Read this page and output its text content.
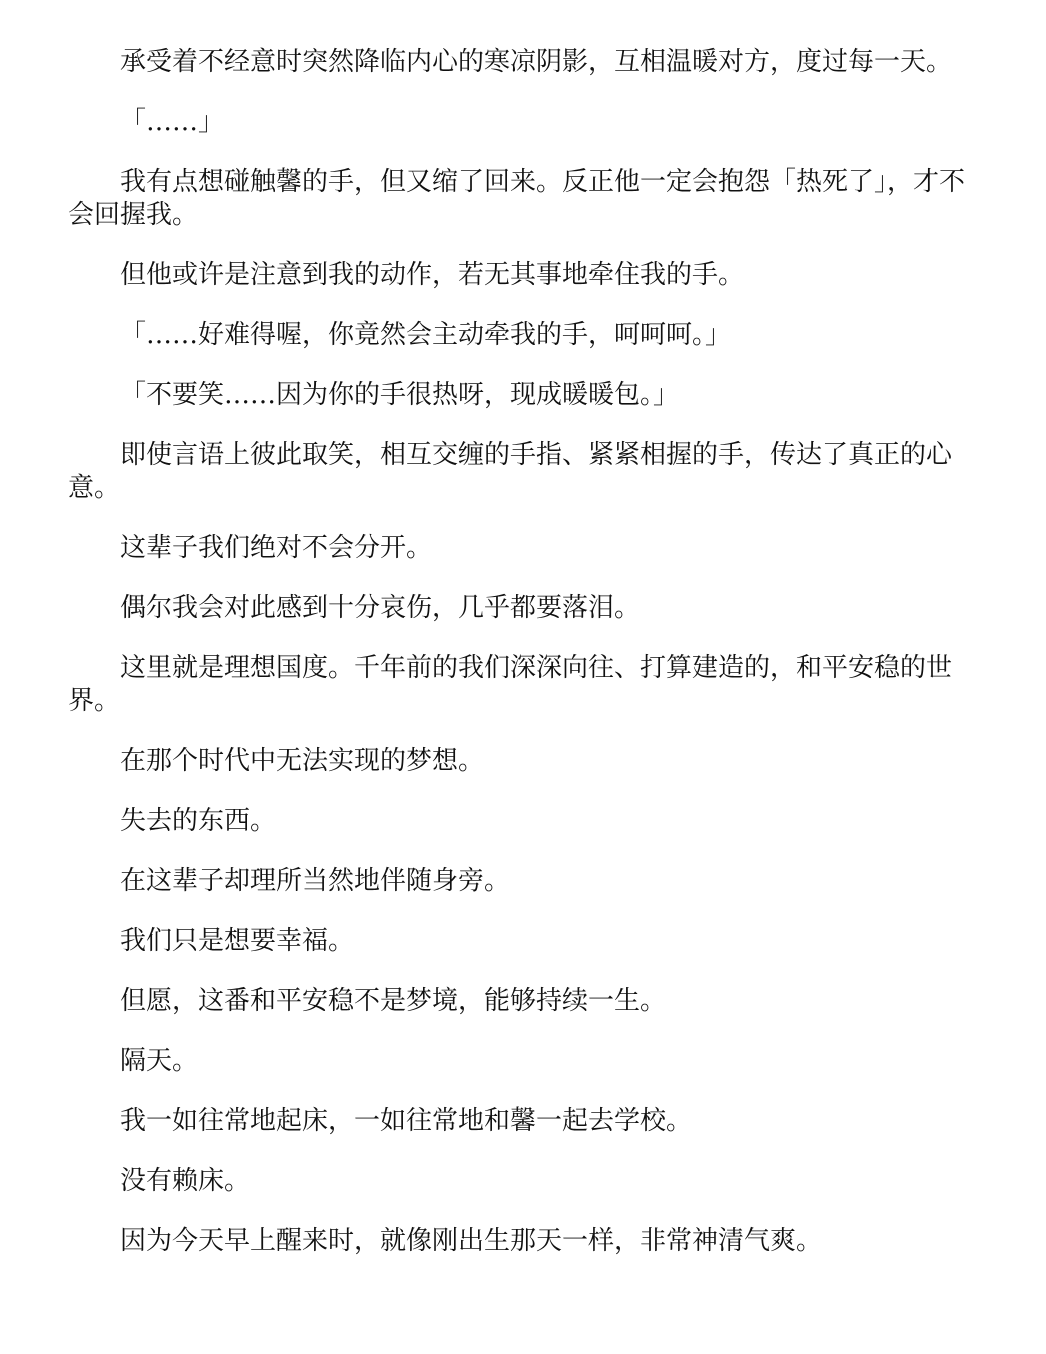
承受着不经意时突然降临内心的寒凉阴影，互相温暖对方，度过每一天。

「……」

我有点想碰触馨的手，但又缩了回来。反正他一定会抱怨「热死了」，才不会回握我。

但他或许是注意到我的动作，若无其事地牵住我的手。

「……好难得喔，你竟然会主动牵我的手，呵呵呵。」

「不要笑……因为你的手很热呀，现成暖暖包。」

即使言语上彼此取笑，相互交缠的手指、紧紧相握的手，传达了真正的心意。

这辈子我们绝对不会分开。

偶尔我会对此感到十分哀伤，几乎都要落泪。

这里就是理想国度。千年前的我们深深向往、打算建造的，和平安稳的世界。

在那个时代中无法实现的梦想。

失去的东西。

在这辈子却理所当然地伴随身旁。

我们只是想要幸福。

但愿，这番和平安稳不是梦境，能够持续一生。

隔天。

我一如往常地起床，一如往常地和馨一起去学校。

没有赖床。

因为今天早上醒来时，就像刚出生那天一样，非常神清气爽。
